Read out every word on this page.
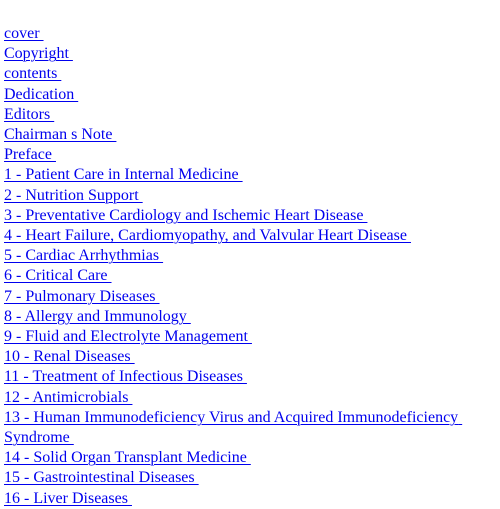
cover
Copyright
contents
Dedication
Editors
Chairman s Note
Preface
1 - Patient Care in Internal Medicine
2 - Nutrition Support
3 - Preventative Cardiology and Ischemic Heart Disease
4 - Heart Failure, Cardiomyopathy, and Valvular Heart Disease
5 - Cardiac Arrhythmias
6 - Critical Care
7 - Pulmonary Diseases
8 - Allergy and Immunology
9 - Fluid and Electrolyte Management
10 - Renal Diseases
11 - Treatment of Infectious Diseases
12 - Antimicrobials
13 - Human Immunodeficiency Virus and Acquired Immunodeficiency Syndrome
14 - Solid Organ Transplant Medicine
15 - Gastrointestinal Diseases
16 - Liver Diseases
